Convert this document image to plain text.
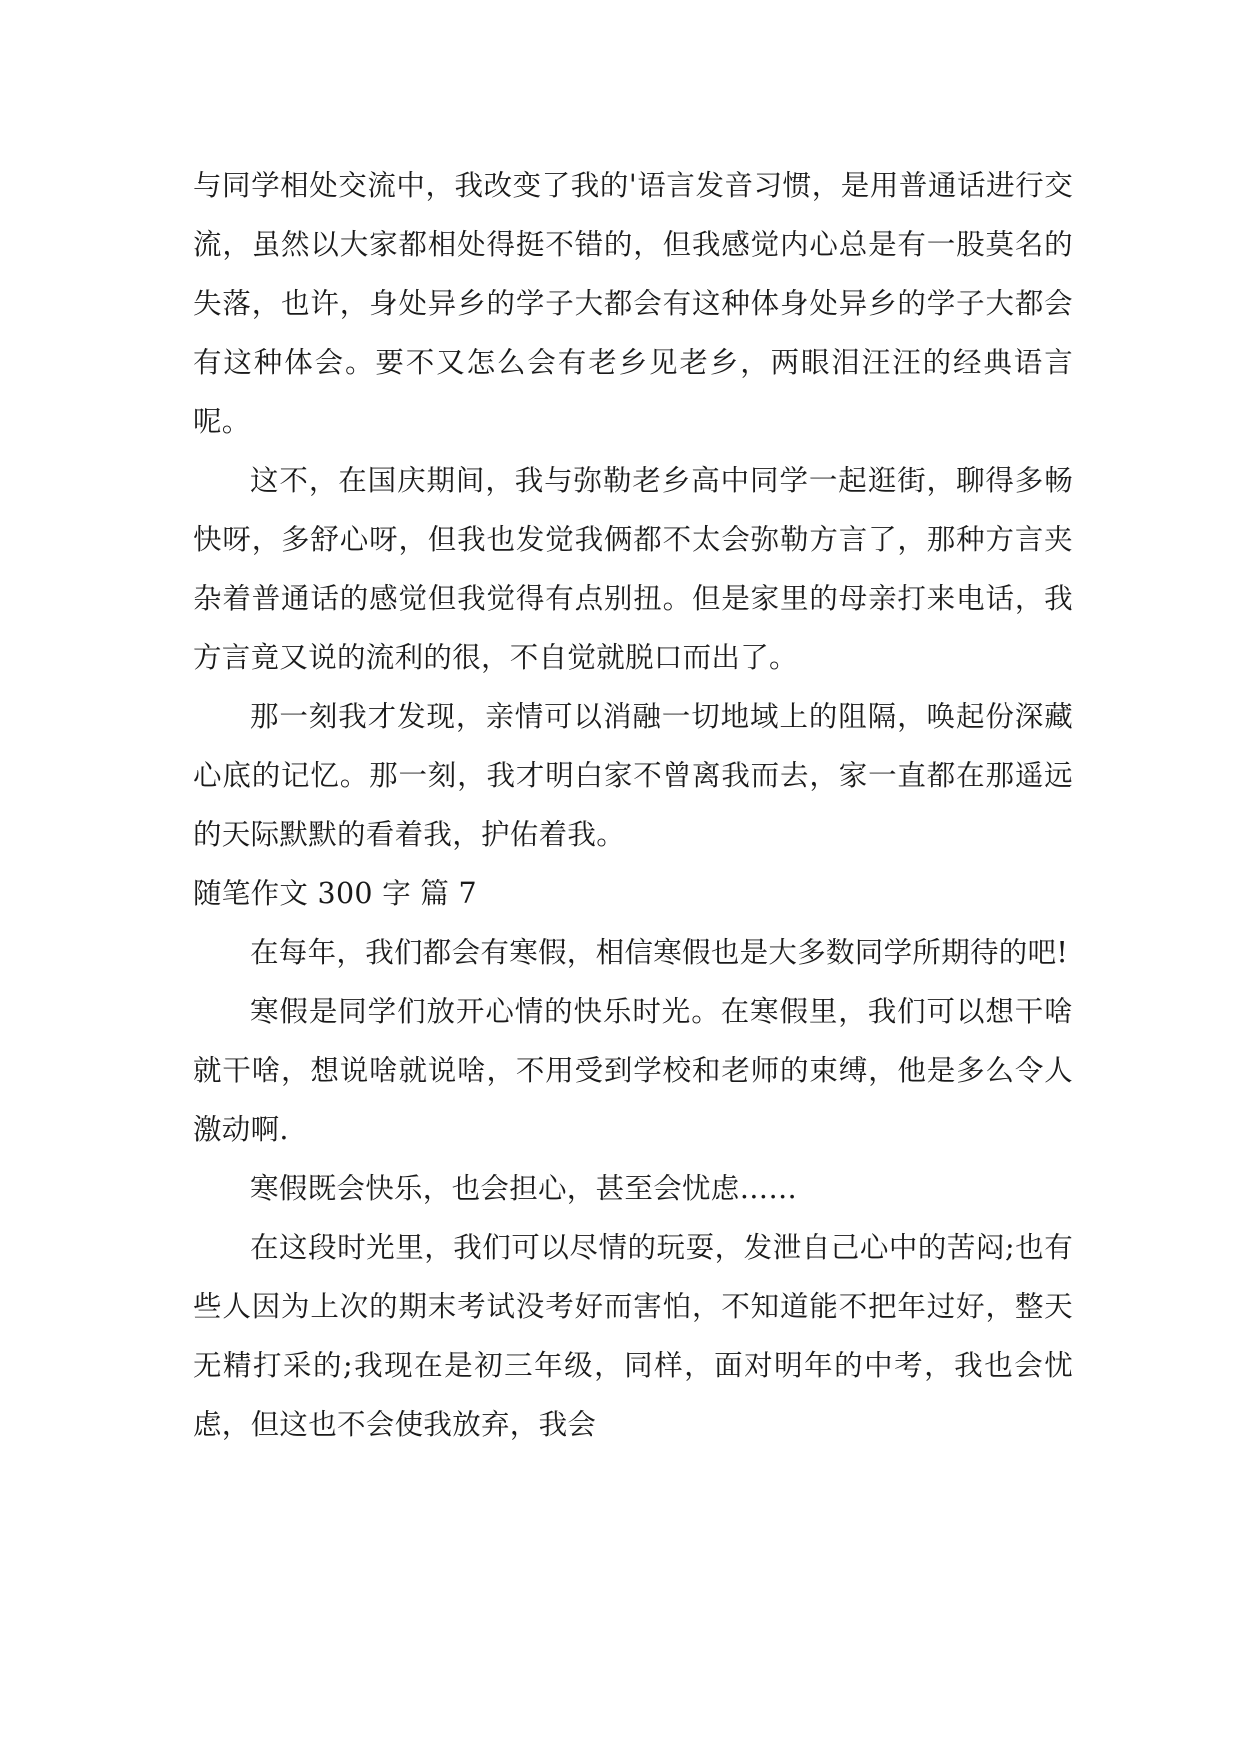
与同学相处交流中，我改变了我的'语言发音习惯，是用普通话进行交流，虽然以大家都相处得挺不错的，但我感觉内心总是有一股莫名的失落，也许，身处异乡的学子大都会有这种体身处异乡的学子大都会有这种体会。要不又怎么会有老乡见老乡，两眼泪汪汪的经典语言呢。

这不，在国庆期间，我与弥勒老乡高中同学一起逛街，聊得多畅快呀，多舒心呀，但我也发觉我俩都不太会弥勒方言了，那种方言夹杂着普通话的感觉但我觉得有点别扭。但是家里的母亲打来电话，我方言竟又说的流利的很，不自觉就脱口而出了。

那一刻我才发现，亲情可以消融一切地域上的阻隔，唤起份深藏心底的记忆。那一刻，我才明白家不曾离我而去，家一直都在那遥远的天际默默的看着我，护佑着我。

随笔作文 300 字 篇 7

在每年，我们都会有寒假，相信寒假也是大多数同学所期待的吧!

寒假是同学们放开心情的快乐时光。在寒假里，我们可以想干啥就干啥，想说啥就说啥，不用受到学校和老师的束缚，他是多么令人激动啊.

寒假既会快乐，也会担心，甚至会忧虑……

在这段时光里，我们可以尽情的玩耍，发泄自己心中的苦闷;也有些人因为上次的期末考试没考好而害怕，不知道能不把年过好，整天无精打采的;我现在是初三年级，同样，面对明年的中考，我也会忧虑，但这也不会使我放弃，我会
